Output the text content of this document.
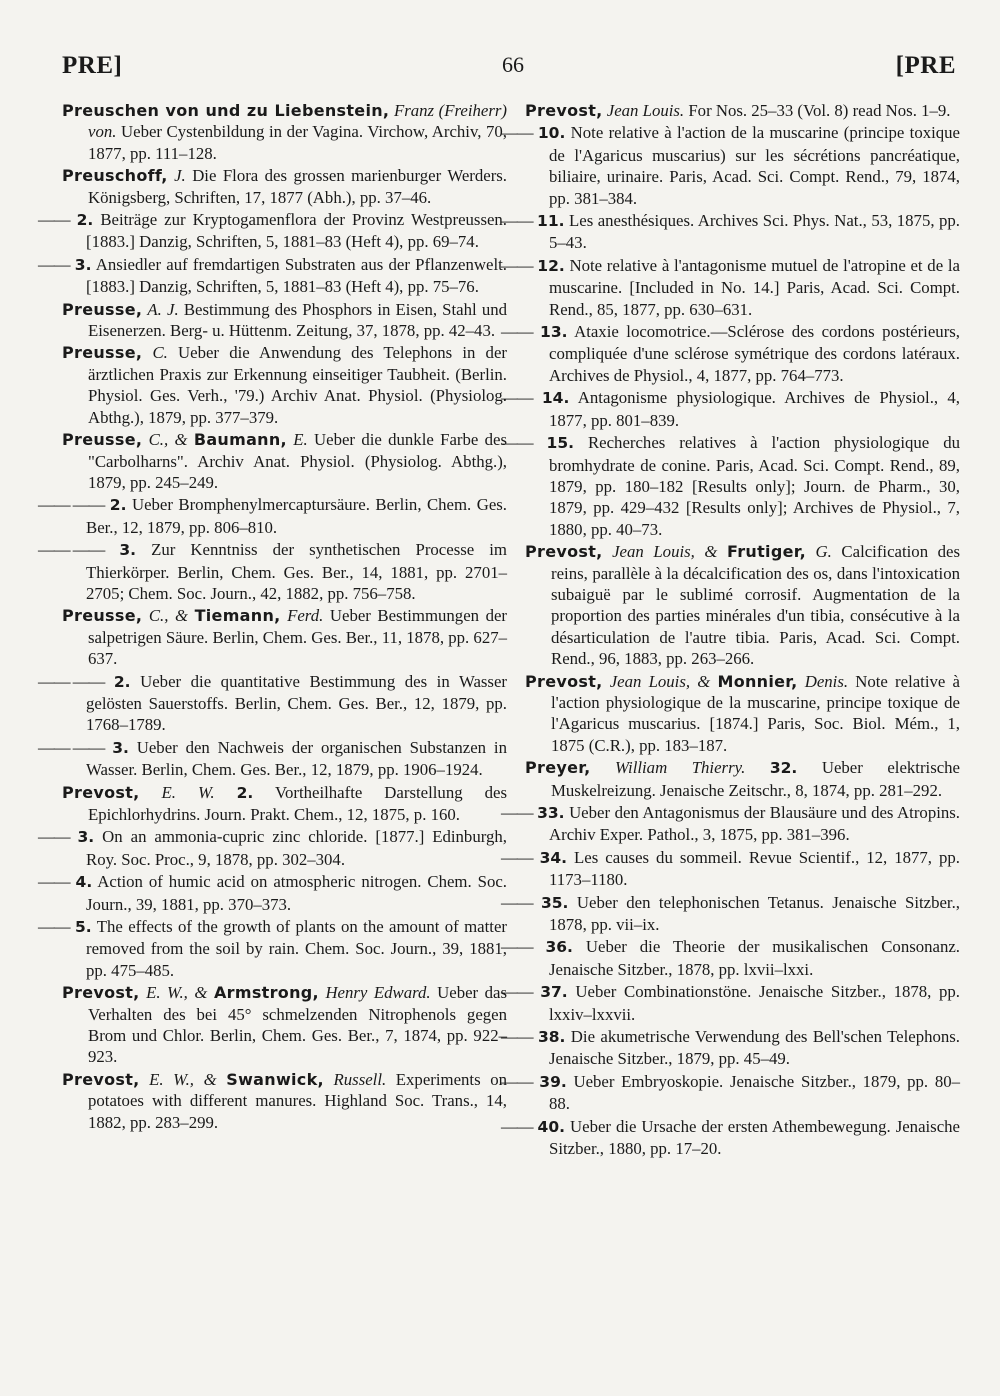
PRE]	66	[PRE

Preuschen von und zu Liebenstein, Franz (Freiherr) von. Ueber Cystenbildung in der Vagina. Virchow, Archiv, 70, 1877, pp. 111–128.

Preuschoff, J. Die Flora des grossen marienburger Werders. Königsberg, Schriften, 17, 1877 (Abh.), pp. 37–46.

—— 2. Beiträge zur Kryptogamenflora der Provinz Westpreussen. [1883.] Danzig, Schriften, 5, 1881–83 (Heft 4), pp. 69–74.

—— 3. Ansiedler auf fremdartigen Substraten aus der Pflanzenwelt. [1883.] Danzig, Schriften, 5, 1881–83 (Heft 4), pp. 75–76.

Preusse, A. J. Bestimmung des Phosphors in Eisen, Stahl und Eisenerzen. Berg- u. Hüttenm. Zeitung, 37, 1878, pp. 42–43.

Preusse, C. Ueber die Anwendung des Telephons in der ärztlichen Praxis zur Erkennung einseitiger Taubheit. (Berlin. Physiol. Ges. Verh., '79.) Archiv Anat. Physiol. (Physiolog. Abthg.), 1879, pp. 377–379.

Preusse, C., & Baumann, E. Ueber die dunkle Farbe des "Carbolharns". Archiv Anat. Physiol. (Physiolog. Abthg.), 1879, pp. 245–249.

—— —— 2. Ueber Bromphenylmercaptursäure. Berlin, Chem. Ges. Ber., 12, 1879, pp. 806–810.

—— —— 3. Zur Kenntniss der synthetischen Processe im Thierkörper. Berlin, Chem. Ges. Ber., 14, 1881, pp. 2701–2705; Chem. Soc. Journ., 42, 1882, pp. 756–758.

Preusse, C., & Tiemann, Ferd. Ueber Bestimmungen der salpetrigen Säure. Berlin, Chem. Ges. Ber., 11, 1878, pp. 627–637.

—— —— 2. Ueber die quantitative Bestimmung des in Wasser gelösten Sauerstoffs. Berlin, Chem. Ges. Ber., 12, 1879, pp. 1768–1789.

—— —— 3. Ueber den Nachweis der organischen Substanzen in Wasser. Berlin, Chem. Ges. Ber., 12, 1879, pp. 1906–1924.

Prevost, E. W. 2. Vortheilhafte Darstellung des Epichlorhydrins. Journ. Prakt. Chem., 12, 1875, p. 160.

—— 3. On an ammonia-cupric zinc chloride. [1877.] Edinburgh, Roy. Soc. Proc., 9, 1878, pp. 302–304.

—— 4. Action of humic acid on atmospheric nitrogen. Chem. Soc. Journ., 39, 1881, pp. 370–373.

—— 5. The effects of the growth of plants on the amount of matter removed from the soil by rain. Chem. Soc. Journ., 39, 1881, pp. 475–485.

Prevost, E. W., & Armstrong, Henry Edward. Ueber das Verhalten des bei 45° schmelzenden Nitrophenols gegen Brom und Chlor. Berlin, Chem. Ges. Ber., 7, 1874, pp. 922–923.

Prevost, E. W., & Swanwick, Russell. Experiments on potatoes with different manures. Highland Soc. Trans., 14, 1882, pp. 283–299.

Prevost, Jean Louis. For Nos. 25–33 (Vol. 8) read Nos. 1–9.

—— 10. Note relative à l'action de la muscarine (principe toxique de l'Agaricus muscarius) sur les sécrétions pancréatique, biliaire, urinaire. Paris, Acad. Sci. Compt. Rend., 79, 1874, pp. 381–384.

—— 11. Les anesthésiques. Archives Sci. Phys. Nat., 53, 1875, pp. 5–43.

—— 12. Note relative à l'antagonisme mutuel de l'atropine et de la muscarine. [Included in No. 14.] Paris, Acad. Sci. Compt. Rend., 85, 1877, pp. 630–631.

—— 13. Ataxie locomotrice.—Sclérose des cordons postérieurs, compliquée d'une sclérose symétrique des cordons latéraux. Archives de Physiol., 4, 1877, pp. 764–773.

—— 14. Antagonisme physiologique. Archives de Physiol., 4, 1877, pp. 801–839.

—— 15. Recherches relatives à l'action physiologique du bromhydrate de conine. Paris, Acad. Sci. Compt. Rend., 89, 1879, pp. 180–182 [Results only]; Journ. de Pharm., 30, 1879, pp. 429–432 [Results only]; Archives de Physiol., 7, 1880, pp. 40–73.

Prevost, Jean Louis, & Frutiger, G. Calcification des reins, parallèle à la décalcification des os, dans l'intoxication subaiguë par le sublimé corrosif. Augmentation de la proportion des parties minérales d'un tibia, consécutive à la désarticulation de l'autre tibia. Paris, Acad. Sci. Compt. Rend., 96, 1883, pp. 263–266.

Prevost, Jean Louis, & Monnier, Denis. Note relative à l'action physiologique de la muscarine, principe toxique de l'Agaricus muscarius. [1874.] Paris, Soc. Biol. Mém., 1, 1875 (C.R.), pp. 183–187.

Preyer, William Thierry. 32. Ueber elektrische Muskelreizung. Jenaische Zeitschr., 8, 1874, pp. 281–292.

—— 33. Ueber den Antagonismus der Blausäure und des Atropins. Archiv Exper. Pathol., 3, 1875, pp. 381–396.

—— 34. Les causes du sommeil. Revue Scientif., 12, 1877, pp. 1173–1180.

—— 35. Ueber den telephonischen Tetanus. Jenaische Sitzber., 1878, pp. vii–ix.

—— 36. Ueber die Theorie der musikalischen Consonanz. Jenaische Sitzber., 1878, pp. lxvii–lxxi.

—— 37. Ueber Combinationstöne. Jenaische Sitzber., 1878, pp. lxxiv–lxxvii.

—— 38. Die akumetrische Verwendung des Bell'schen Telephons. Jenaische Sitzber., 1879, pp. 45–49.

—— 39. Ueber Embryoskopie. Jenaische Sitzber., 1879, pp. 80–88.

—— 40. Ueber die Ursache der ersten Athembewegung. Jenaische Sitzber., 1880, pp. 17–20.
